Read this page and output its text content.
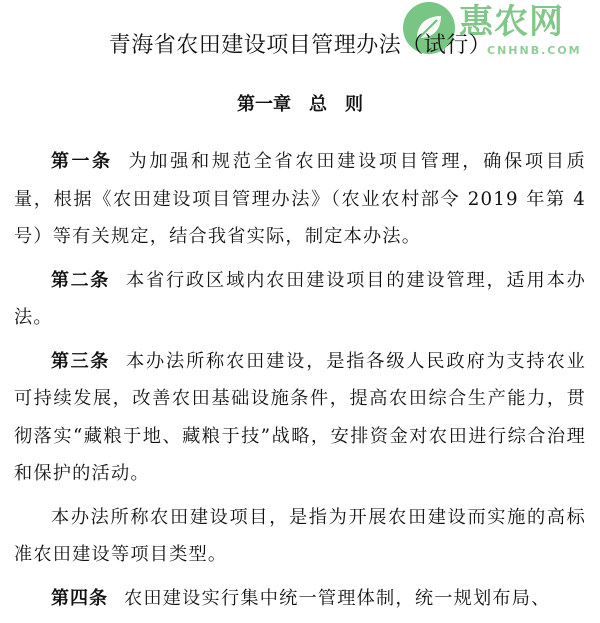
惠农网
CNHNB.COM
青海省农田建设项目管理办法（试行）
第一章　总　则

第一条 为加强和规范全省农田建设项目管理，确保项目质量，根据《农田建设项目管理办法》（农业农村部令 2019 年第 4 号）等有关规定，结合我省实际，制定本办法。

第二条 本省行政区域内农田建设项目的建设管理，适用本办法。

第三条 本办法所称农田建设，是指各级人民政府为支持农业可持续发展，改善农田基础设施条件，提高农田综合生产能力，贯彻落实“藏粮于地、藏粮于技”战略，安排资金对农田进行综合治理和保护的活动。

本办法所称农田建设项目，是指为开展农田建设而实施的高标准农田建设等项目类型。

第四条 农田建设实行集中统一管理体制，统一规划布局、
